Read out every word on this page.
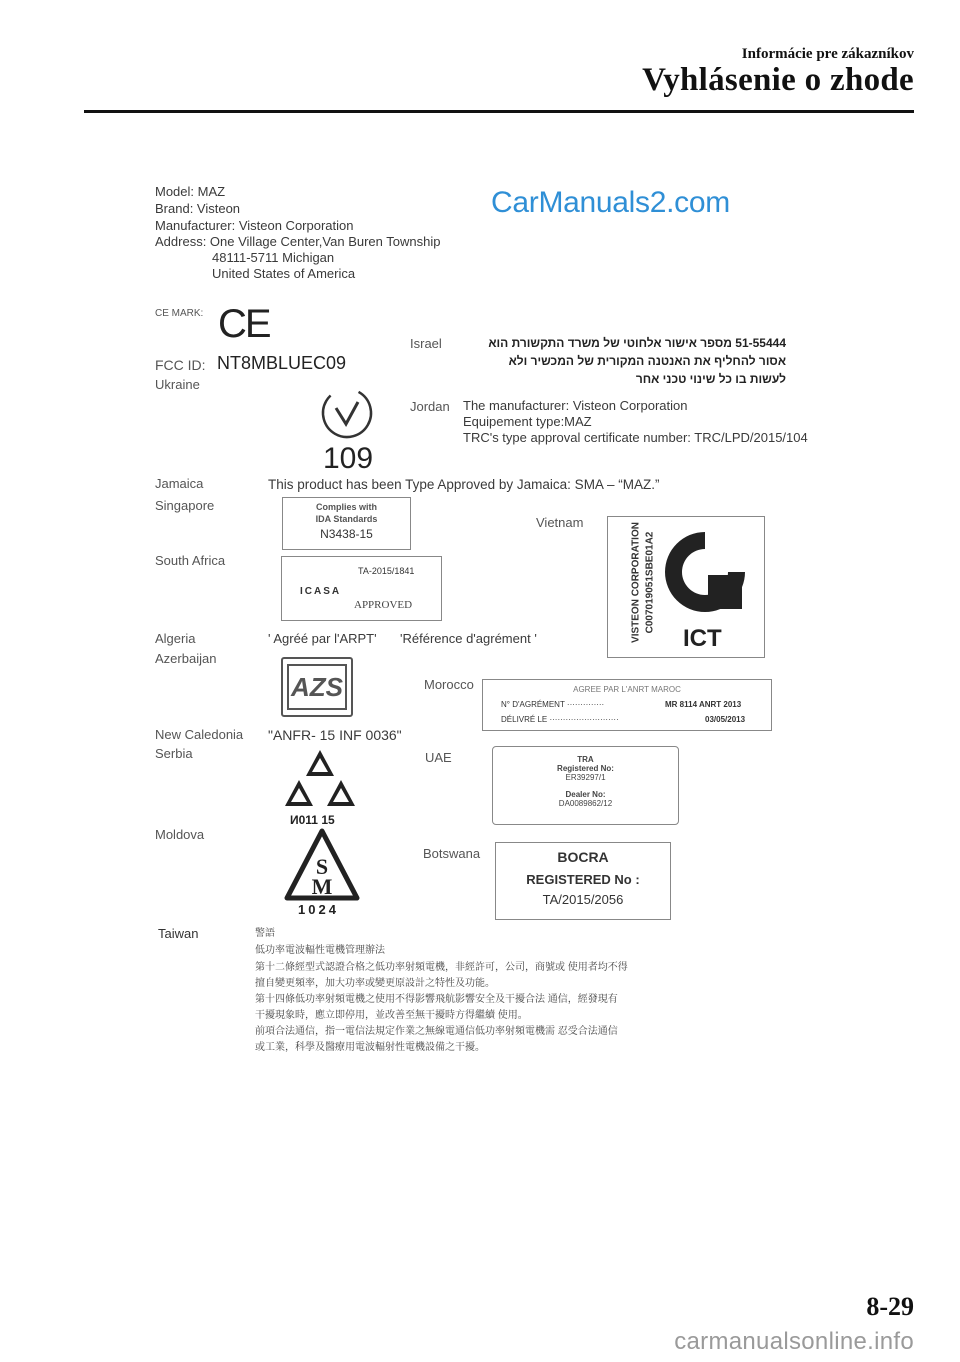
Informácie pre zákazníkov
Vyhlásenie o zhode
Model: MAZ
Brand: Visteon
Manufacturer: Visteon Corporation
Address: One Village Center,Van Buren Township
48111-5711 Michigan
United States of America
CarManuals2.com
CE MARK: CE
FCC ID: NT8MBLUEC09
Ukraine
109
Israel	51-55444 מספר אישור אלחוטי של משרד התקשורת הוא
אסור להחליף את האנטנה המקורית של המכשיר ולא
לעשות בו כל שינוי טכני אחר
Jordan The manufacturer: Visteon Corporation
Equipement type:MAZ
TRC's type approval certificate number: TRC/LPD/2015/104
Jamaica	This product has been Type Approved by Jamaica: SMA – “MAZ.”
Singapore	Complies with
IDA Standards
N3438-15
Vietnam	VISTEON CORPORATION C007019051SBE01A2
ICT
South Africa
TA-2015/1841
ICASA
APPROVED
Algeria	' Agréé par l'ARPT' 'Référence d'agrément '
Azerbaijan
AZS	Morocco	AGREE PAR L'ANRT MAROC
N° D'AGRÉMENT ··············	MR 8114 ANRT 2013
DÉLIVRÉ LE ··························	03/05/2013
New Caledonia "ANFR- 15 INF 0036"
Serbia
И011 15
UAE	TRA
Registered No:
ER39297/1
Dealer No:
DA0089862/12
Moldova
S
M
1024
Botswana	BOCRA
REGISTERED No :
TA/2015/2056
Taiwan	警語
低功率電波輻性電機管理辦法
第十二條經型式認證合格之低功率射頻電機，非經許可，公司，商號或 使用者均不得
擅自變更頻率，加大功率或變更原設計之特性及功能。
第十四條低功率射頻電機之使用不得影響飛航影響安全及干擾合法 通信，經發現有
干擾現象時，應立即停用，並改善至無干擾時方得繼續 使用。
前項合法通信，指一電信法規定作業之無線電通信低功率射頻電機需 忍受合法通信
或工業，科學及醫療用電波輻射性電機設備之干擾。
8-29
carmanualsonline.info
